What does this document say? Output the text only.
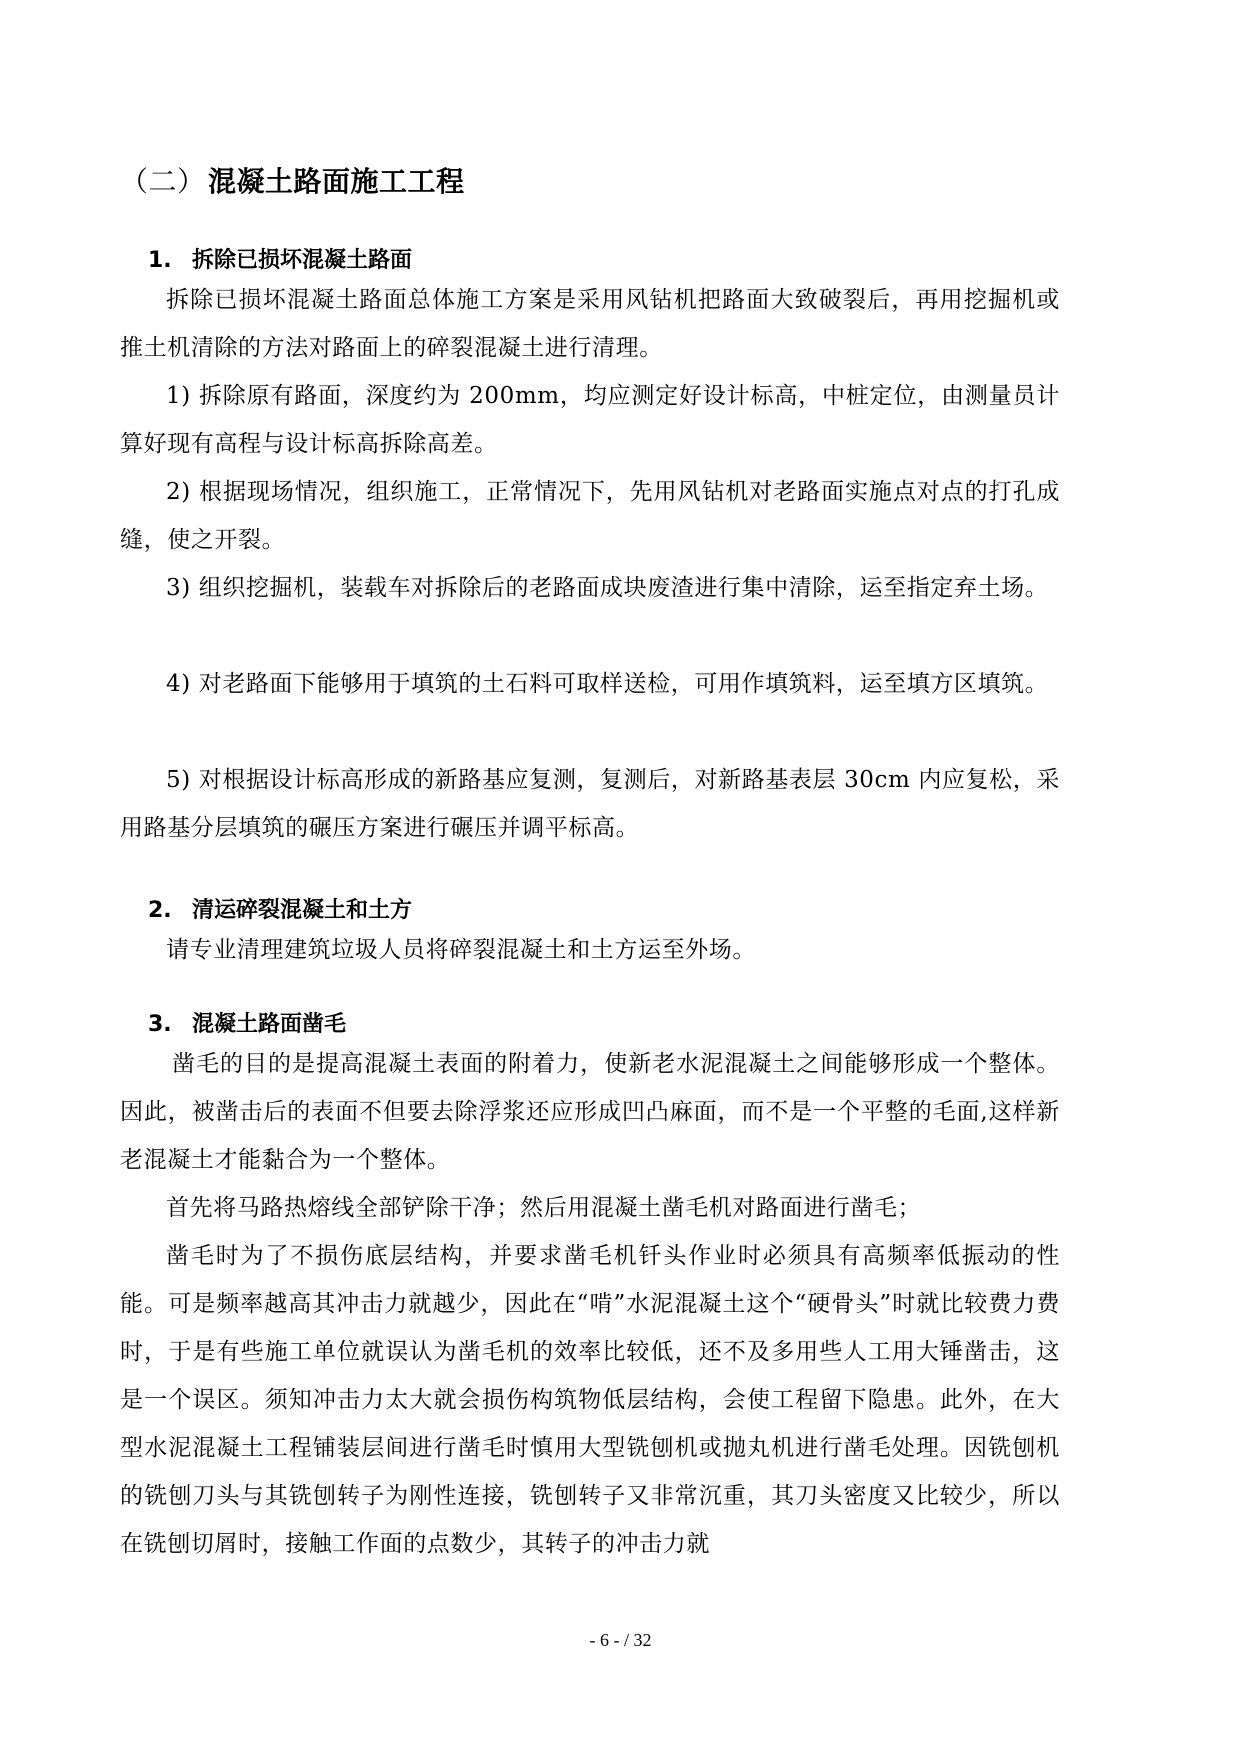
（二）混凝土路面施工工程
1. 拆除已损坏混凝土路面
拆除已损坏混凝土路面总体施工方案是采用风钻机把路面大致破裂后，再用挖掘机或推土机清除的方法对路面上的碎裂混凝土进行清理。
1) 拆除原有路面，深度约为 200mm，均应测定好设计标高，中桩定位，由测量员计算好现有高程与设计标高拆除高差。
2) 根据现场情况，组织施工，正常情况下，先用风钻机对老路面实施点对点的打孔成缝，使之开裂。
3) 组织挖掘机，装载车对拆除后的老路面成块废渣进行集中清除，运至指定弃土场。
4) 对老路面下能够用于填筑的土石料可取样送检，可用作填筑料，运至填方区填筑。
5) 对根据设计标高形成的新路基应复测，复测后，对新路基表层 30cm 内应复松，采用路基分层填筑的碾压方案进行碾压并调平标高。
2. 清运碎裂混凝土和土方
请专业清理建筑垃圾人员将碎裂混凝土和土方运至外场。
3. 混凝土路面凿毛
凿毛的目的是提高混凝土表面的附着力，使新老水泥混凝土之间能够形成一个整体。因此，被凿击后的表面不但要去除浮浆还应形成凹凸麻面，而不是一个平整的毛面,这样新老混凝土才能黏合为一个整体。
首先将马路热熔线全部铲除干净；然后用混凝土凿毛机对路面进行凿毛；
凿毛时为了不损伤底层结构，并要求凿毛机钎头作业时必须具有高频率低振动的性能。可是频率越高其冲击力就越少，因此在“啃”水泥混凝土这个“硬骨头”时就比较费力费时，于是有些施工单位就误认为凿毛机的效率比较低，还不及多用些人工用大锤凿击，这是一个误区。须知冲击力太大就会损伤构筑物低层结构，会使工程留下隐患。此外，在大型水泥混凝土工程铺装层间进行凿毛时慎用大型铣刨机或抛丸机进行凿毛处理。因铣刨机的铣刨刀头与其铣刨转子为刚性连接，铣刨转子又非常沉重，其刀头密度又比较少，所以在铣刨切屑时，接触工作面的点数少，其转子的冲击力就
- 6 - / 32
